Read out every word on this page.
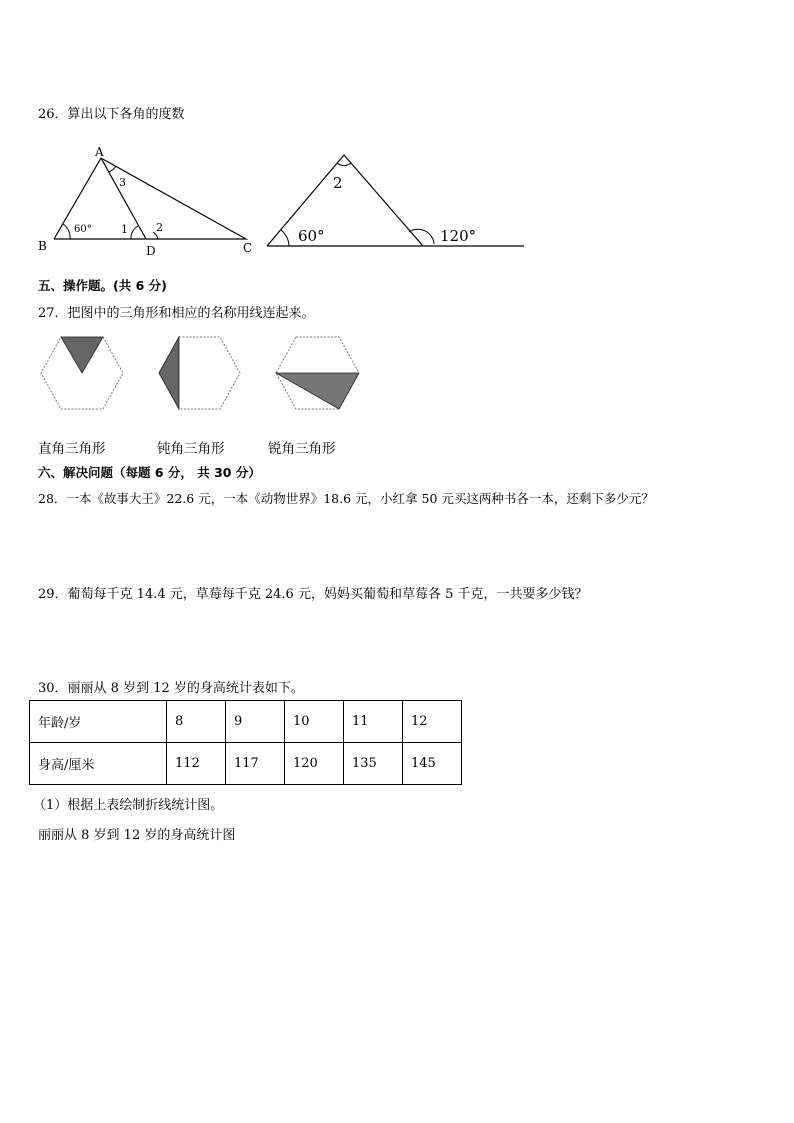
26．算出以下各角的度数
A
B	C
D
60°	1	2
3	2
60°	120°
五、操作题。(共 6 分)
27．把图中的三角形和相应的名称用线连起来。
直角三角形	钝角三角形	锐角三角形
六、解决问题（每题 6 分， 共 30 分）
28．一本《故事大王》22.6 元，一本《动物世界》18.6 元，小红拿 50 元买这两种书各一本，还剩下多少元？
29．葡萄每千克 14.4 元，草莓每千克 24.6 元，妈妈买葡萄和草莓各 5 千克，一共要多少钱？
30．丽丽从 8 岁到 12 岁的身高统计表如下。
年龄/岁	8	9	10	11	12
身高/厘米	112	117	120	135	145
（1）根据上表绘制折线统计图。
丽丽从 8 岁到 12 岁的身高统计图
